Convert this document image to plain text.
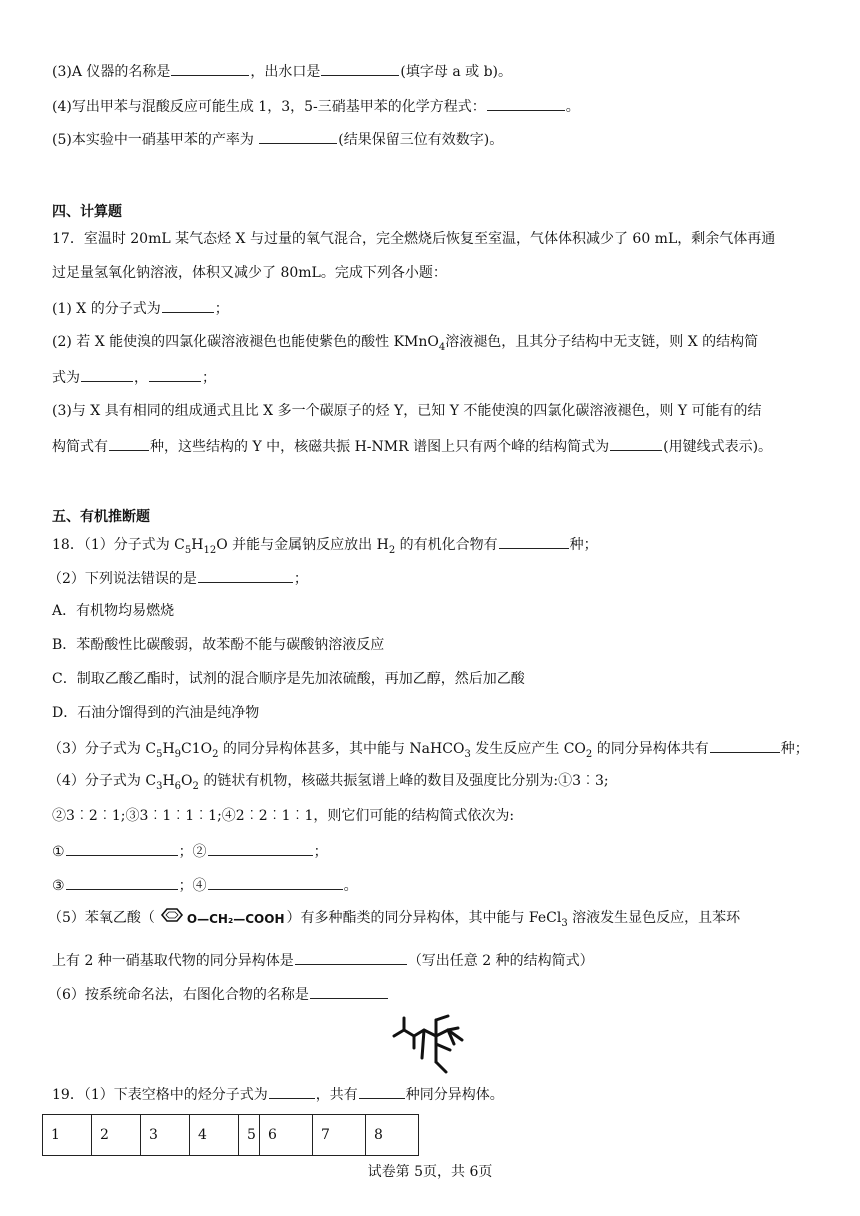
(3)A 仪器的名称是	，出水口是	(填字母 a 或 b)。
(4)写出甲苯与混酸反应可能生成 1，3，5-三硝基甲苯的化学方程式：	。
(5)本实验中一硝基甲苯的产率为	(结果保留三位有效数字)。
四、计算题
17．室温时 20mL 某气态烃 X 与过量的氧气混合，完全燃烧后恢复至室温，气体体积减少了 60 mL，剩余气体再通
过足量氢氧化钠溶液，体积又减少了 80mL。完成下列各小题：
(1) X 的分子式为	；
(2) 若 X 能使溴的四氯化碳溶液褪色也能使紫色的酸性 KMnO$_4$溶液褪色，且其分子结构中无支链，则 X 的结构简
式为	，	；
(3)与 X 具有相同的组成通式且比 X 多一个碳原子的烃 Y，已知 Y 不能使溴的四氯化碳溶液褪色，则 Y 可能有的结
构简式有	种，这些结构的 Y 中，核磁共振 H-NMR 谱图上只有两个峰的结构简式为	(用键线式表示)。
五、有机推断题
18．（1）分子式为 $C_5H_{12}O$ 并能与金属钠反应放出 $H_2$ 的有机化合物有	种；
（2）下列说法错误的是	；
A．有机物均易燃烧
B．苯酚酸性比碳酸弱，故苯酚不能与碳酸钠溶液反应
C．制取乙酸乙酯时，试剂的混合顺序是先加浓硫酸，再加乙醇，然后加乙酸
D．石油分馏得到的汽油是纯净物
（3）分子式为 $C_5H_9C1O_2$ 的同分异构体甚多，其中能与 NaHCO$_3$ 发生反应产生 $CO_2$ 的同分异构体共有	种；
（4）分子式为 $C_3H_6O_2$ 的链状有机物，核磁共振氢谱上峰的数目及强度比分别为:①3︰3;
②3︰2︰1;③3︰1︰1︰1;④2︰2︰1︰1，则它们可能的结构简式依次为:
①	；②	；
③	；④	。
（5）苯氧乙酸（	O—CH₂—COOH ）有多种酯类的同分异构体，其中能与 FeCl$_3$ 溶液发生显色反应，且苯环
上有 2 种一硝基取代物的同分异构体是	（写出任意 2 种的结构简式）
（6）按系统命名法，右图化合物的名称是
19．（1）下表空格中的烃分子式为	，共有	种同分异构体。
1	2	3	4	5	6	7	8
试卷第 5页，共 6页
